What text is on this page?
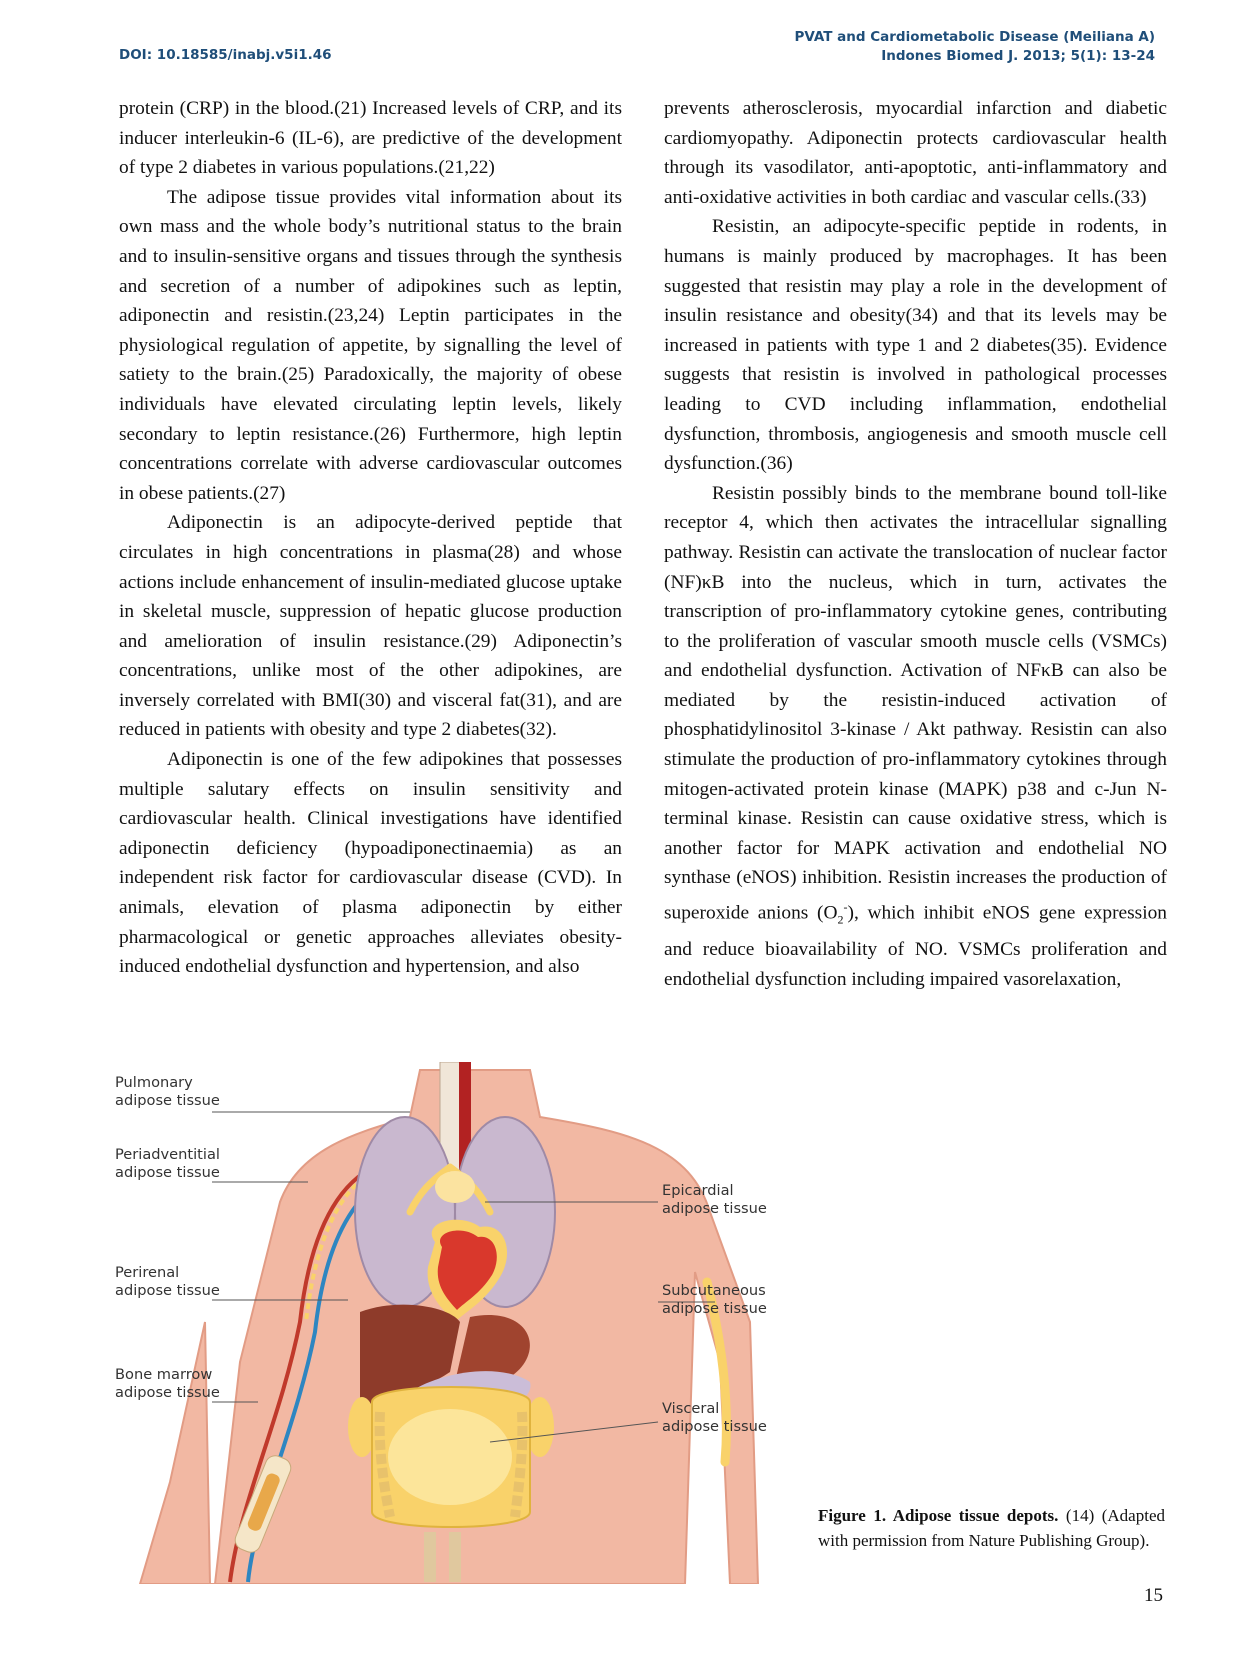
DOI: 10.18585/inabj.v5i1.46
PVAT and Cardiometabolic Disease (Meiliana A)
Indones Biomed J. 2013; 5(1): 13-24

protein (CRP) in the blood.(21) Increased levels of CRP, and its inducer interleukin-6 (IL-6), are predictive of the development of type 2 diabetes in various populations.(21,22)

The adipose tissue provides vital information about its own mass and the whole body’s nutritional status to the brain and to insulin-sensitive organs and tissues through the synthesis and secretion of a number of adipokines such as leptin, adiponectin and resistin.(23,24) Leptin participates in the physiological regulation of appetite, by signalling the level of satiety to the brain.(25) Paradoxically, the majority of obese individuals have elevated circulating leptin levels, likely secondary to leptin resistance.(26) Furthermore, high leptin concentrations correlate with adverse cardiovascular outcomes in obese patients.(27)

Adiponectin is an adipocyte-derived peptide that circulates in high concentrations in plasma(28) and whose actions include enhancement of insulin-mediated glucose uptake in skeletal muscle, suppression of hepatic glucose production and amelioration of insulin resistance.(29) Adiponectin’s concentrations, unlike most of the other adipokines, are inversely correlated with BMI(30) and visceral fat(31), and are reduced in patients with obesity and type 2 diabetes(32).

Adiponectin is one of the few adipokines that possesses multiple salutary effects on insulin sensitivity and cardiovascular health. Clinical investigations have identified adiponectin deficiency (hypoadiponectinaemia) as an independent risk factor for cardiovascular disease (CVD). In animals, elevation of plasma adiponectin by either pharmacological or genetic approaches alleviates obesity-induced endothelial dysfunction and hypertension, and also

prevents atherosclerosis, myocardial infarction and diabetic cardiomyopathy. Adiponectin protects cardiovascular health through its vasodilator, anti-apoptotic, anti-inflammatory and anti-oxidative activities in both cardiac and vascular cells.(33)

Resistin, an adipocyte-specific peptide in rodents, in humans is mainly produced by macrophages. It has been suggested that resistin may play a role in the development of insulin resistance and obesity(34) and that its levels may be increased in patients with type 1 and 2 diabetes(35). Evidence suggests that resistin is involved in pathological processes leading to CVD including inflammation, endothelial dysfunction, thrombosis, angiogenesis and smooth muscle cell dysfunction.(36)

Resistin possibly binds to the membrane bound toll-like receptor 4, which then activates the intracellular signalling pathway. Resistin can activate the translocation of nuclear factor (NF)κB into the nucleus, which in turn, activates the transcription of pro-inflammatory cytokine genes, contributing to the proliferation of vascular smooth muscle cells (VSMCs) and endothelial dysfunction. Activation of NFκB can also be mediated by the resistin-induced activation of phosphatidylinositol 3-kinase / Akt pathway. Resistin can also stimulate the production of pro-inflammatory cytokines through mitogen-activated protein kinase (MAPK) p38 and c-Jun N-terminal kinase. Resistin can cause oxidative stress, which is another factor for MAPK activation and endothelial NO synthase (eNOS) inhibition. Resistin increases the production of superoxide anions $(O_2^-)$, which inhibit eNOS gene expression and reduce bioavailability of NO. VSMCs proliferation and endothelial dysfunction including impaired vasorelaxation,

Pulmonary
adipose tissue
Periadventitial
adipose tissue
Perirenal
adipose tissue
Bone marrow
adipose tissue
Epicardial
adipose tissue
Subcutaneous
adipose tissue
Visceral
adipose tissue
Figure 1. Adipose tissue depots. (14) (Adapted with permission from Nature Publishing Group).
15
